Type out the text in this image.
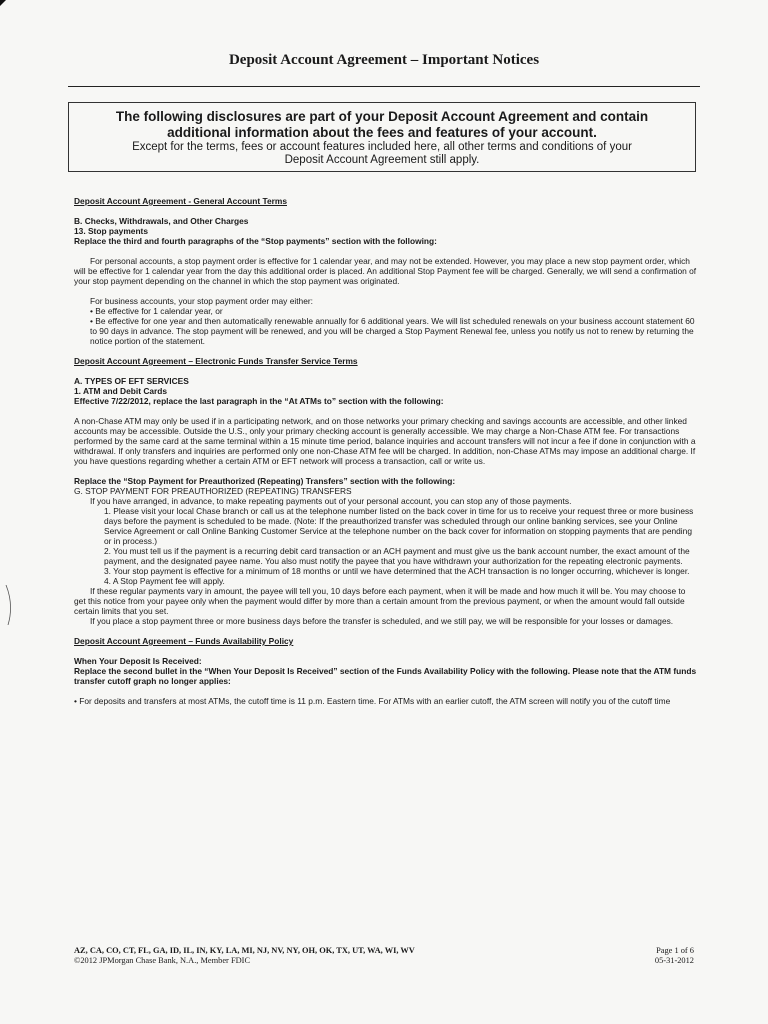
Deposit Account Agreement – Important Notices
The following disclosures are part of your Deposit Account Agreement and contain
additional information about the fees and features of your account.
Except for the terms, fees or account features included here, all other terms and conditions of your
Deposit Account Agreement still apply.

Deposit Account Agreement - General Account Terms

B. Checks, Withdrawals, and Other Charges

13. Stop payments

Replace the third and fourth paragraphs of the “Stop payments” section with the following:

For personal accounts, a stop payment order is effective for 1 calendar year, and may not be extended. However, you may place a new stop payment order, which will be effective for 1 calendar year from the day this additional order is placed. An additional Stop Payment fee will be charged. Generally, we will send a confirmation of your stop payment depending on the channel in which the stop payment was originated.

For business accounts, your stop payment order may either:

• Be effective for 1 calendar year, or

• Be effective for one year and then automatically renewable annually for 6 additional years. We will list scheduled renewals on your business account statement 60 to 90 days in advance. The stop payment will be renewed, and you will be charged a Stop Payment Renewal fee, unless you notify us not to renew by returning the notice portion of the statement.

Deposit Account Agreement – Electronic Funds Transfer Service Terms

A. TYPES OF EFT SERVICES

1. ATM and Debit Cards

Effective 7/22/2012, replace the last paragraph in the “At ATMs to” section with the following:

A non-Chase ATM may only be used if in a participating network, and on those networks your primary checking and savings accounts are accessible, and other linked accounts may be accessible. Outside the U.S., only your primary checking account is generally accessible. We may charge a Non-Chase ATM fee. For transactions performed by the same card at the same terminal within a 15 minute time period, balance inquiries and account transfers will not incur a fee if done in conjunction with a withdrawal. If only transfers and inquiries are performed only one non-Chase ATM fee will be charged. In addition, non-Chase ATMs may impose an additional charge. If you have questions regarding whether a certain ATM or EFT network will process a transaction, call or write us.

Replace the “Stop Payment for Preauthorized (Repeating) Transfers” section with the following:

G. STOP PAYMENT FOR PREAUTHORIZED (REPEATING) TRANSFERS

If you have arranged, in advance, to make repeating payments out of your personal account, you can stop any of those payments.

1. Please visit your local Chase branch or call us at the telephone number listed on the back cover in time for us to receive your request three or more business days before the payment is scheduled to be made. (Note: If the preauthorized transfer was scheduled through our online banking services, see your Online Service Agreement or call Online Banking Customer Service at the telephone number on the back cover for information on stopping payments that are pending or in process.)

2. You must tell us if the payment is a recurring debit card transaction or an ACH payment and must give us the bank account number, the exact amount of the payment, and the designated payee name. You also must notify the payee that you have withdrawn your authorization for the repeating electronic payments.

3. Your stop payment is effective for a minimum of 18 months or until we have determined that the ACH transaction is no longer occurring, whichever is longer.

4. A Stop Payment fee will apply.

If these regular payments vary in amount, the payee will tell you, 10 days before each payment, when it will be made and how much it will be. You may choose to get this notice from your payee only when the payment would differ by more than a certain amount from the previous payment, or when the amount would fall outside certain limits that you set.

If you place a stop payment three or more business days before the transfer is scheduled, and we still pay, we will be responsible for your losses or damages.

Deposit Account Agreement – Funds Availability Policy

When Your Deposit Is Received:

Replace the second bullet in the “When Your Deposit Is Received” section of the Funds Availability Policy with the following. Please note that the ATM funds transfer cutoff graph no longer applies:

• For deposits and transfers at most ATMs, the cutoff time is 11 p.m. Eastern time. For ATMs with an earlier cutoff, the ATM screen will notify you of the cutoff time

AZ, CA, CO, CT, FL, GA, ID, IL, IN, KY, LA, MI, NJ, NV, NY, OH, OK, TX, UT, WA, WI, WV
©2012 JPMorgan Chase Bank, N.A., Member FDIC
Page 1 of 6
05-31-2012
